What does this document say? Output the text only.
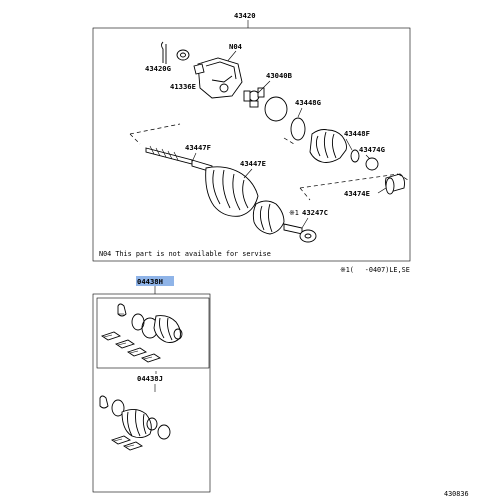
43420
43420G
N04
41336E
43040B
43448G
43448F
43474G
43474E
43447F
43447E
※1 43247C
N04 This part is not available for servise
※1(　 -0407)LE,SE
04438H
04438J
430836
